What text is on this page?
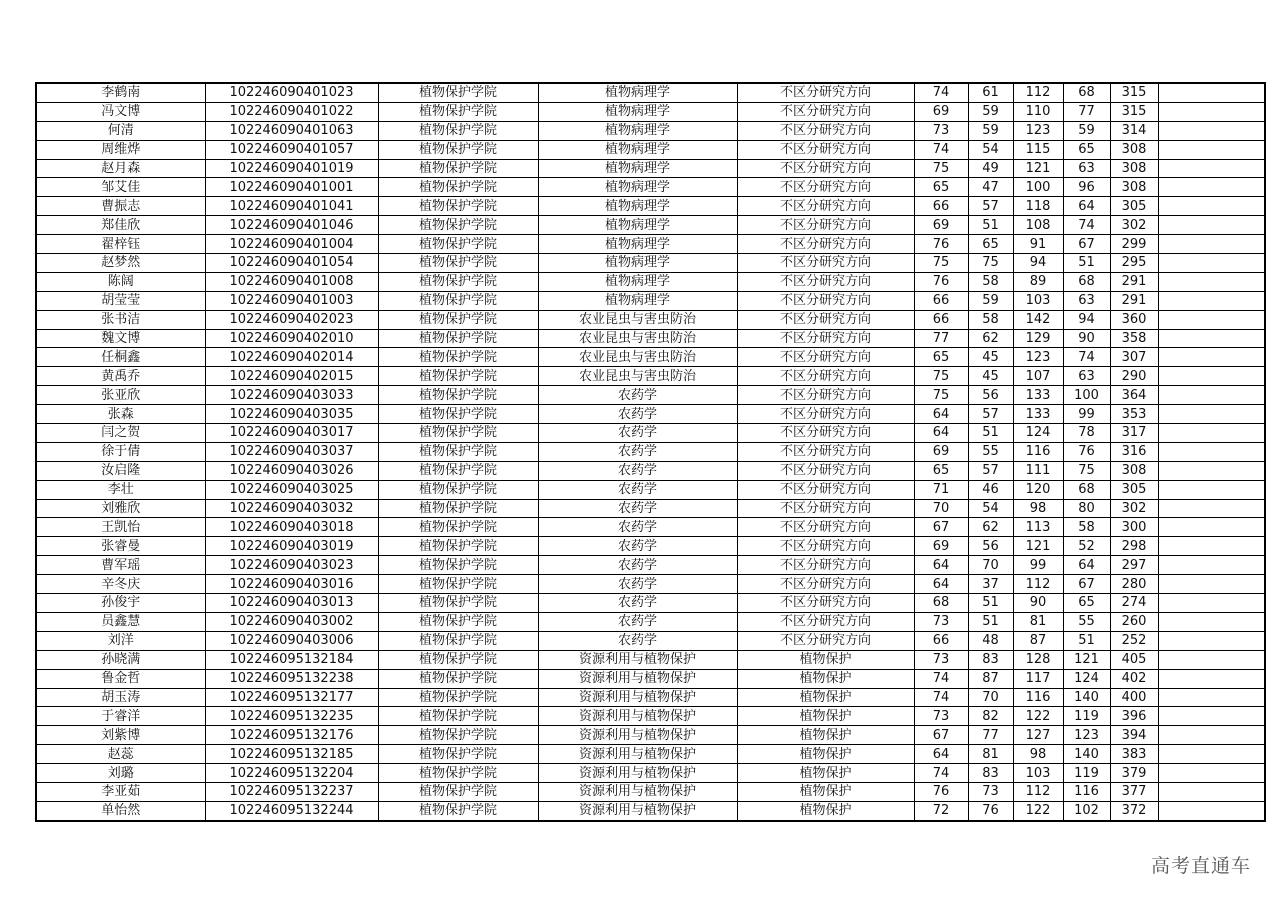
李鹤南	102246090401023	植物保护学院	植物病理学	不区分研究方向	74	61	112	68	315	
冯文博	102246090401022	植物保护学院	植物病理学	不区分研究方向	69	59	110	77	315	
何清	102246090401063	植物保护学院	植物病理学	不区分研究方向	73	59	123	59	314	
周维烨	102246090401057	植物保护学院	植物病理学	不区分研究方向	74	54	115	65	308	
赵月森	102246090401019	植物保护学院	植物病理学	不区分研究方向	75	49	121	63	308	
邹艾佳	102246090401001	植物保护学院	植物病理学	不区分研究方向	65	47	100	96	308	
曹振志	102246090401041	植物保护学院	植物病理学	不区分研究方向	66	57	118	64	305	
郑佳欣	102246090401046	植物保护学院	植物病理学	不区分研究方向	69	51	108	74	302	
翟梓钰	102246090401004	植物保护学院	植物病理学	不区分研究方向	76	65	91	67	299	
赵梦然	102246090401054	植物保护学院	植物病理学	不区分研究方向	75	75	94	51	295	
陈阔	102246090401008	植物保护学院	植物病理学	不区分研究方向	76	58	89	68	291	
胡莹莹	102246090401003	植物保护学院	植物病理学	不区分研究方向	66	59	103	63	291	
张书洁	102246090402023	植物保护学院	农业昆虫与害虫防治	不区分研究方向	66	58	142	94	360	
魏文博	102246090402010	植物保护学院	农业昆虫与害虫防治	不区分研究方向	77	62	129	90	358	
任桐鑫	102246090402014	植物保护学院	农业昆虫与害虫防治	不区分研究方向	65	45	123	74	307	
黄禹乔	102246090402015	植物保护学院	农业昆虫与害虫防治	不区分研究方向	75	45	107	63	290	
张亚欣	102246090403033	植物保护学院	农药学	不区分研究方向	75	56	133	100	364	
张森	102246090403035	植物保护学院	农药学	不区分研究方向	64	57	133	99	353	
闫之贺	102246090403017	植物保护学院	农药学	不区分研究方向	64	51	124	78	317	
徐于倩	102246090403037	植物保护学院	农药学	不区分研究方向	69	55	116	76	316	
汝启隆	102246090403026	植物保护学院	农药学	不区分研究方向	65	57	111	75	308	
李壮	102246090403025	植物保护学院	农药学	不区分研究方向	71	46	120	68	305	
刘雅欣	102246090403032	植物保护学院	农药学	不区分研究方向	70	54	98	80	302	
王凯怡	102246090403018	植物保护学院	农药学	不区分研究方向	67	62	113	58	300	
张睿曼	102246090403019	植物保护学院	农药学	不区分研究方向	69	56	121	52	298	
曹军瑶	102246090403023	植物保护学院	农药学	不区分研究方向	64	70	99	64	297	
辛冬庆	102246090403016	植物保护学院	农药学	不区分研究方向	64	37	112	67	280	
孙俊宇	102246090403013	植物保护学院	农药学	不区分研究方向	68	51	90	65	274	
员鑫慧	102246090403002	植物保护学院	农药学	不区分研究方向	73	51	81	55	260	
刘洋	102246090403006	植物保护学院	农药学	不区分研究方向	66	48	87	51	252	
孙晓满	102246095132184	植物保护学院	资源利用与植物保护	植物保护	73	83	128	121	405	
鲁金哲	102246095132238	植物保护学院	资源利用与植物保护	植物保护	74	87	117	124	402	
胡玉涛	102246095132177	植物保护学院	资源利用与植物保护	植物保护	74	70	116	140	400	
于睿洋	102246095132235	植物保护学院	资源利用与植物保护	植物保护	73	82	122	119	396	
刘紫博	102246095132176	植物保护学院	资源利用与植物保护	植物保护	67	77	127	123	394	
赵蕊	102246095132185	植物保护学院	资源利用与植物保护	植物保护	64	81	98	140	383	
刘璐	102246095132204	植物保护学院	资源利用与植物保护	植物保护	74	83	103	119	379	
李亚茹	102246095132237	植物保护学院	资源利用与植物保护	植物保护	76	73	112	116	377	
单怡然	102246095132244	植物保护学院	资源利用与植物保护	植物保护	72	76	122	102	372	
高考直通车
